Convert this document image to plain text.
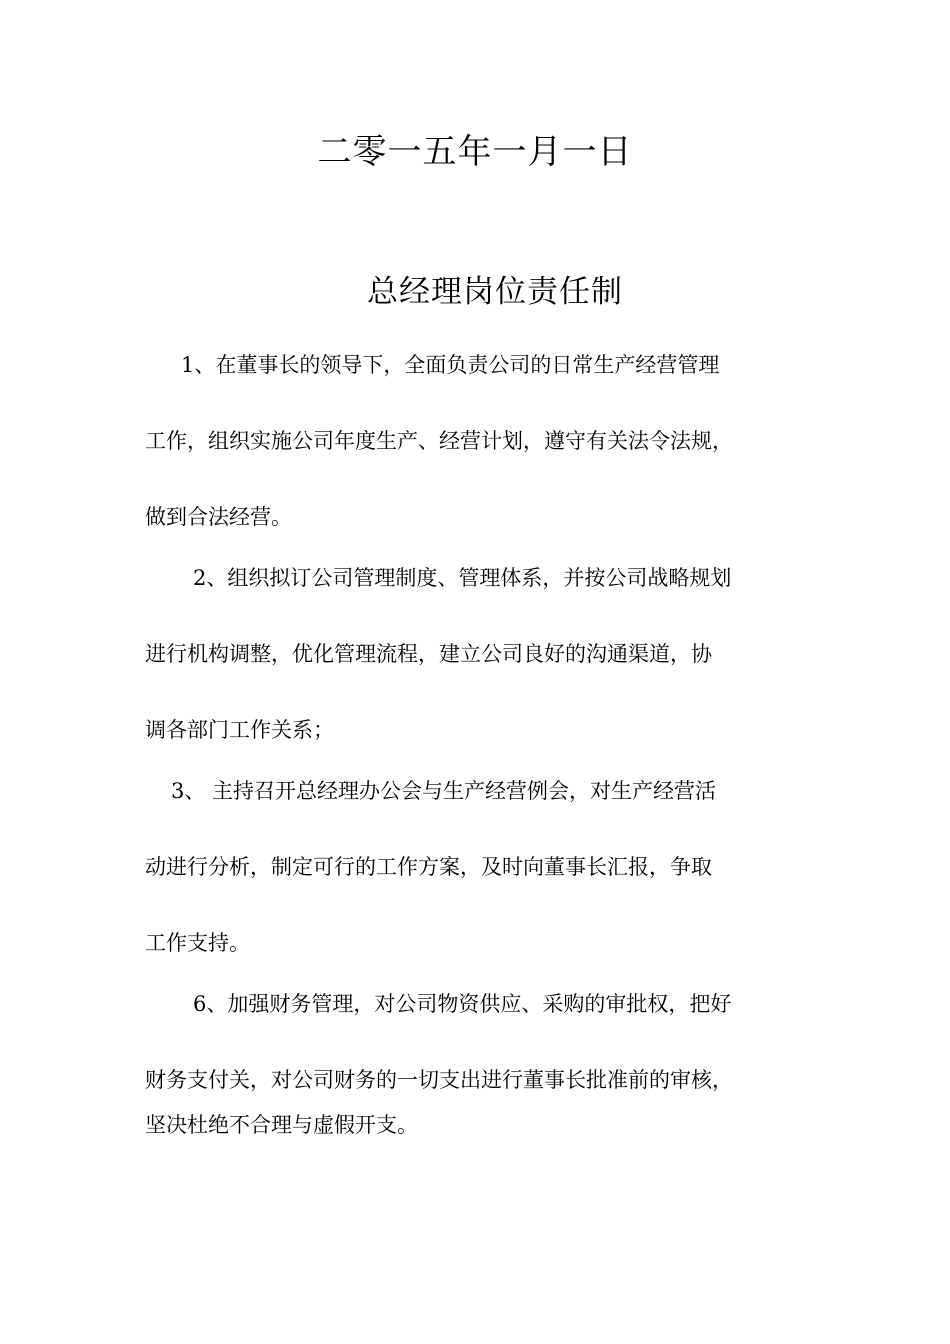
二零一五年一月一日
总经理岗位责任制
1、在董事长的领导下，全面负责公司的日常生产经营管理
工作，组织实施公司年度生产、经营计划，遵守有关法令法规，
做到合法经营。
2、组织拟订公司管理制度、管理体系，并按公司战略规划
进行机构调整，优化管理流程，建立公司良好的沟通渠道，协
调各部门工作关系；
3、 主持召开总经理办公会与生产经营例会，对生产经营活
动进行分析，制定可行的工作方案，及时向董事长汇报，争取
工作支持。
6、加强财务管理，对公司物资供应、采购的审批权，把好
财务支付关，对公司财务的一切支出进行董事长批准前的审核，
坚决杜绝不合理与虚假开支。
